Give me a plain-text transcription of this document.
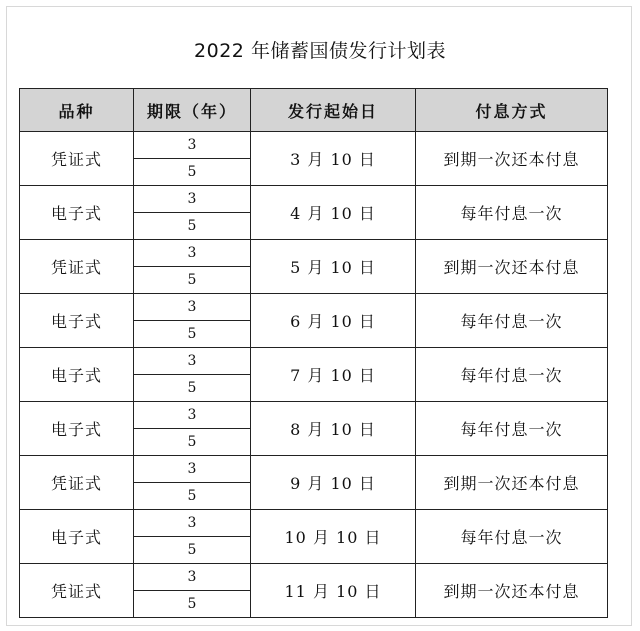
2022 年储蓄国债发行计划表
品种	期限（年）	发行起始日	付息方式
凭证式	3	3 月 10 日	到期一次还本付息
	5		
电子式	3	4 月 10 日	每年付息一次
	5		
凭证式	3	5 月 10 日	到期一次还本付息
	5		
电子式	3	6 月 10 日	每年付息一次
	5		
电子式	3	7 月 10 日	每年付息一次
	5		
电子式	3	8 月 10 日	每年付息一次
	5		
凭证式	3	9 月 10 日	到期一次还本付息
	5		
电子式	3	10 月 10 日	每年付息一次
	5		
凭证式	3	11 月 10 日	到期一次还本付息
	5		
